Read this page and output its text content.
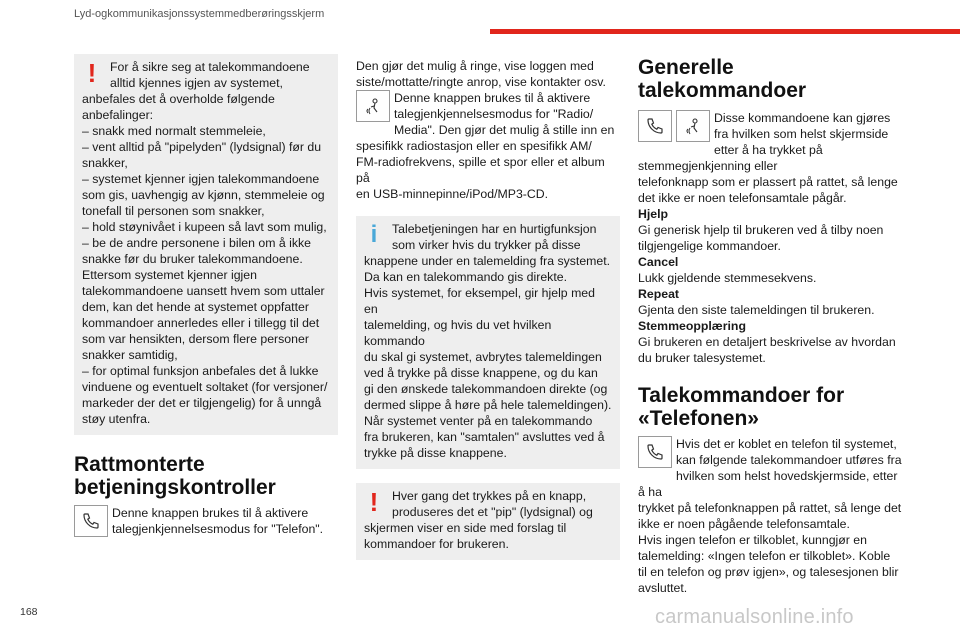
Lyd-ogkommunikasjonssystemmedberøringsskjerm
!	For å sikre seg at talekommandoene
alltid kjennes igjen av systemet,
anbefales det å overholde følgende
anbefalinger:
– snakk med normalt stemmeleie,
– vent alltid på "pipelyden" (lydsignal) før du
snakker,
– systemet kjenner igjen talekommandoene
som gis, uavhengig av kjønn, stemmeleie og
tonefall til personen som snakker,
– hold støynivået i kupeen så lavt som mulig,
– be de andre personene i bilen om å ikke
snakke før du bruker talekommandoene.
Ettersom systemet kjenner igjen
talekommandoene uansett hvem som uttaler
dem, kan det hende at systemet oppfatter
kommandoer annerledes eller i tillegg til det
som var hensikten, dersom flere personer
snakker samtidig,
– for optimal funksjon anbefales det å lukke
vinduene og eventuelt soltaket (for versjoner/
markeder der det er tilgjengelig) for å unngå
støy utenfra.

Rattmonterte
betjeningskontroller

Denne knappen brukes til å aktivere
talegjenkjennelsesmodus for "Telefon".

Den gjør det mulig å ringe, vise loggen med
siste/mottatte/ringte anrop, vise kontakter osv.

Denne knappen brukes til å aktivere
talegjenkjennelsesmodus for "Radio/
Media". Den gjør det mulig å stille inn en
spesifikk radiostasjon eller en spesifikk AM/
FM-radiofrekvens, spille et spor eller et album på
en USB-minnepinne/iPod/MP3-CD.

i	Talebetjeningen har en hurtigfunksjon
som virker hvis du trykker på disse
knappene under en talemelding fra systemet.
Da kan en talekommando gis direkte.
Hvis systemet, for eksempel, gir hjelp med en
talemelding, og hvis du vet hvilken kommando
du skal gi systemet, avbrytes talemeldingen
ved å trykke på disse knappene, og du kan
gi den ønskede talekommandoen direkte (og
dermed slippe å høre på hele talemeldingen).
Når systemet venter på en talekommando
fra brukeren, kan "samtalen" avsluttes ved å
trykke på disse knappene.

!	Hver gang det trykkes på en knapp,
produseres det et "pip" (lydsignal) og
skjermen viser en side med forslag til
kommandoer for brukeren.

Generelle talekommandoer

Disse kommandoene kan gjøres
fra hvilken som helst skjermside
etter å ha trykket på stemmegjenkjenning eller
telefonknapp som er plassert på rattet, så lenge
det ikke er noen telefonsamtale pågår.

Hjelp

Gi generisk hjelp til brukeren ved å tilby noen
tilgjengelige kommandoer.

Cancel

Lukk gjeldende stemmesekvens.

Repeat

Gjenta den siste talemeldingen til brukeren.

Stemmeopplæring

Gi brukeren en detaljert beskrivelse av hvordan
du bruker talesystemet.

Talekommandoer for
«Telefonen»

Hvis det er koblet en telefon til systemet,
kan følgende talekommandoer utføres fra
hvilken som helst hovedskjermside, etter å ha
trykket på telefonknappen på rattet, så lenge det
ikke er noen pågående telefonsamtale.
Hvis ingen telefon er tilkoblet, kunngjør en
talemelding: «Ingen telefon er tilkoblet». Koble
til en telefon og prøv igjen», og talesesjonen blir
avsluttet.

168	carmanualsonline.info
